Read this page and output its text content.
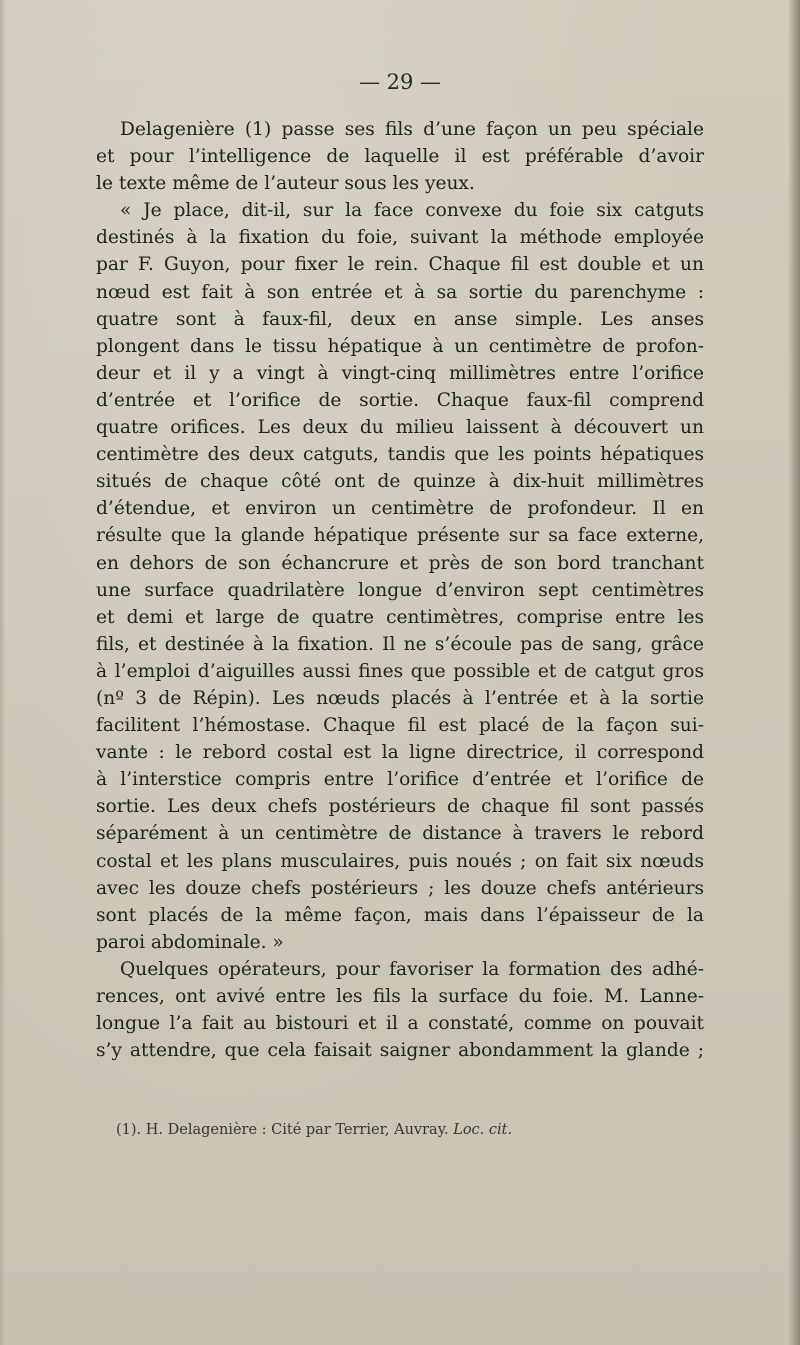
— 29 —
Delagenière (1) passe ses fils d’une façon un peu spéciale
et pour l’intelligence de laquelle il est préférable d’avoir
le texte même de l’auteur sous les yeux.
« Je place, dit-il, sur la face convexe du foie six catguts
destinés à la fixation du foie, suivant la méthode employée
par F. Guyon, pour fixer le rein. Chaque fil est double et un
nœud est fait à son entrée et à sa sortie du parenchyme :
quatre sont à faux-fil, deux en anse simple. Les anses
plongent dans le tissu hépatique à un centimètre de profon-
deur et il y a vingt à vingt-cinq millimètres entre l’orifice
d’entrée et l’orifice de sortie. Chaque faux-fil comprend
quatre orifices. Les deux du milieu laissent à découvert un
centimètre des deux catguts, tandis que les points hépatiques
situés de chaque côté ont de quinze à dix-huit millimètres
d’étendue, et environ un centimètre de profondeur. Il en
résulte que la glande hépatique présente sur sa face externe,
en dehors de son échancrure et près de son bord tranchant
une surface quadrilatère longue d’environ sept centimètres
et demi et large de quatre centimètres, comprise entre les
fils, et destinée à la fixation. Il ne s’écoule pas de sang, grâce
à l’emploi d’aiguilles aussi fines que possible et de catgut gros
(nº 3 de Répin). Les nœuds placés à l’entrée et à la sortie
facilitent l’hémostase. Chaque fil est placé de la façon sui-
vante : le rebord costal est la ligne directrice, il correspond
à l’interstice compris entre l’orifice d’entrée et l’orifice de
sortie. Les deux chefs postérieurs de chaque fil sont passés
séparément à un centimètre de distance à travers le rebord
costal et les plans musculaires, puis noués ; on fait six nœuds
avec les douze chefs postérieurs ; les douze chefs antérieurs
sont placés de la même façon, mais dans l’épaisseur de la
paroi abdominale. »
Quelques opérateurs, pour favoriser la formation des adhé-
rences, ont avivé entre les fils la surface du foie. M. Lanne-
longue l’a fait au bistouri et il a constaté, comme on pouvait
s’y attendre, que cela faisait saigner abondamment la glande ;
(1). H. Delagenière : Cité par Terrier, Auvray. Loc. cit.
